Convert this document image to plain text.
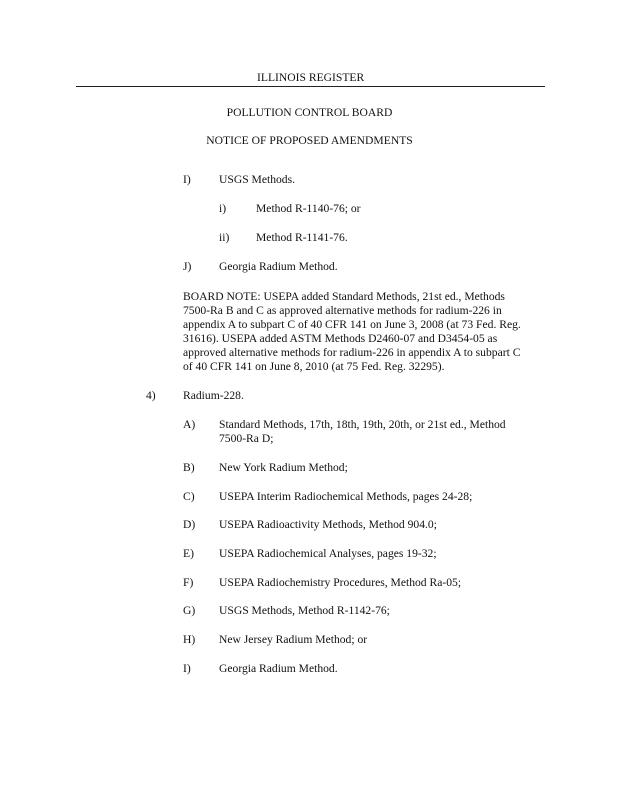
ILLINOIS REGISTER
POLLUTION CONTROL BOARD
NOTICE OF PROPOSED AMENDMENTS
I) USGS Methods.
i)	Method R-1140-76; or
ii) Method R-1141-76.
J) Georgia Radium Method.
BOARD NOTE: USEPA added Standard Methods, 21st ed., Methods
7500-Ra B and C as approved alternative methods for radium-226 in
appendix A to subpart C of 40 CFR 141 on June 3, 2008 (at 73 Fed. Reg.
31616). USEPA added ASTM Methods D2460-07 and D3454-05 as
approved alternative methods for radium-226 in appendix A to subpart C
of 40 CFR 141 on June 8, 2010 (at 75 Fed. Reg. 32295).
4) Radium-228.
A) Standard Methods, 17th, 18th, 19th, 20th, or 21st ed., Method
7500-Ra D;
B) New York Radium Method;
C) USEPA Interim Radiochemical Methods, pages 24-28;
D) USEPA Radioactivity Methods, Method 904.0;
E) USEPA Radiochemical Analyses, pages 19-32;
F) USEPA Radiochemistry Procedures, Method Ra-05;
G) USGS Methods, Method R-1142-76;
H) New Jersey Radium Method; or
I) Georgia Radium Method.
